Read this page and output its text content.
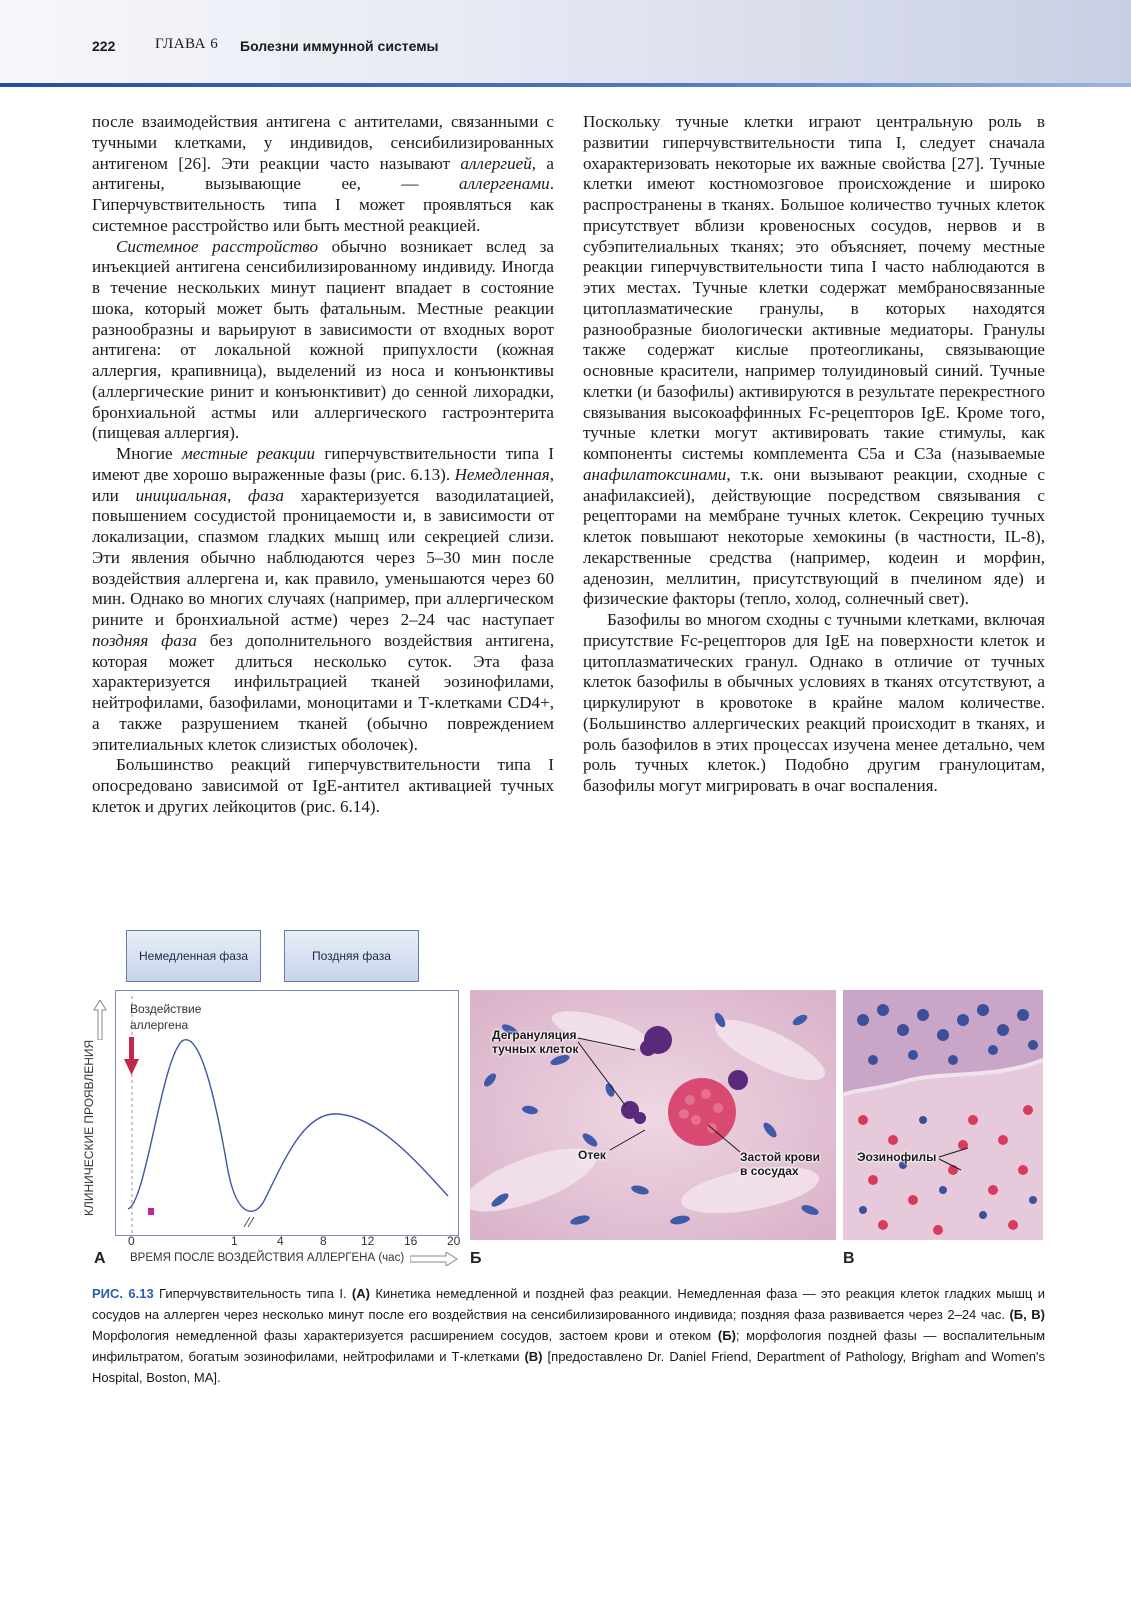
222	ГЛАВА 6 Болезни иммунной системы

после взаимодействия антигена с антителами, связанными с тучными клетками, у индивидов, сенсибилизированных антигеном [26]. Эти реакции часто называют аллергией, а антигены, вызывающие ее, — аллергенами. Гиперчувствительность типа I может проявляться как системное расстройство или быть местной реакцией.

Системное расстройство обычно возникает вслед за инъекцией антигена сенсибилизированному индивиду. Иногда в течение нескольких минут пациент впадает в состояние шока, который может быть фатальным. Местные реакции разнообразны и варьируют в зависимости от входных ворот антигена: от локальной кожной припухлости (кожная аллергия, крапивница), выделений из носа и конъюнктивы (аллергические ринит и конъюнктивит) до сенной лихорадки, бронхиальной астмы или аллергического гастроэнтерита (пищевая аллергия).

Многие местные реакции гиперчувствительности типа I имеют две хорошо выраженные фазы (рис. 6.13). Немедленная, или инициальная, фаза характеризуется вазодилатацией, повышением сосудистой проницаемости и, в зависимости от локализации, спазмом гладких мышц или секрецией слизи. Эти явления обычно наблюдаются через 5–30 мин после воздействия аллергена и, как правило, уменьшаются через 60 мин. Однако во многих случаях (например, при аллергическом рините и бронхиальной астме) через 2–24 час наступает поздняя фаза без дополнительного воздействия антигена, которая может длиться несколько суток. Эта фаза характеризуется инфильтрацией тканей эозинофилами, нейтрофилами, базофилами, моноцитами и Т-клетками CD4+, а также разрушением тканей (обычно повреждением эпителиальных клеток слизистых оболочек).

Большинство реакций гиперчувствительности типа I опосредовано зависимой от IgE-антител активацией тучных клеток и других лейкоцитов (рис. 6.14).

Поскольку тучные клетки играют центральную роль в развитии гиперчувствительности типа I, следует сначала охарактеризовать некоторые их важные свойства [27]. Тучные клетки имеют костномозговое происхождение и широко распространены в тканях. Большое количество тучных клеток присутствует вблизи кровеносных сосудов, нервов и в субэпителиальных тканях; это объясняет, почему местные реакции гиперчувствительности типа I часто наблюдаются в этих местах. Тучные клетки содержат мембраносвязанные цитоплазматические гранулы, в которых находятся разнообразные биологически активные медиаторы. Гранулы также содержат кислые протеогликаны, связывающие основные красители, например толуидиновый синий. Тучные клетки (и базофилы) активируются в результате перекрестного связывания высокоаффинных Fc-рецепторов IgE. Кроме того, тучные клетки могут активировать такие стимулы, как компоненты системы комплемента C5a и C3a (называемые анафилатоксинами, т.к. они вызывают реакции, сходные с анафилаксией), действующие посредством связывания с рецепторами на мембране тучных клеток. Секрецию тучных клеток повышают некоторые хемокины (в частности, IL-8), лекарственные средства (например, кодеин и морфин, аденозин, меллитин, присутствующий в пчелином яде) и физические факторы (тепло, холод, солнечный свет).

Базофилы во многом сходны с тучными клетками, включая присутствие Fc-рецепторов для IgE на поверхности клеток и цитоплазматических гранул. Однако в отличие от тучных клеток базофилы в обычных условиях в тканях отсутствуют, а циркулируют в кровотоке в крайне малом количестве. (Большинство аллергических реакций происходит в тканях, и роль базофилов в этих процессах изучена менее детально, чем роль тучных клеток.) Подобно другим гранулоцитам, базофилы могут мигрировать в очаг воспаления.

Немедленная фаза	Поздняя фаза
КЛИНИЧЕСКИЕ ПРОЯВЛЕНИЯ
Воздействие аллергена
0	1	4	8	12 16 20
А ВРЕМЯ ПОСЛЕ ВОЗДЕЙСТВИЯ АЛЛЕРГЕНА (час)
Дегрануляция
тучных клеток
Отек	Застой крови
в сосудах
Б
Эозинофилы
В
РИС. 6.13 Гиперчувствительность типа I. (А) Кинетика немедленной и поздней фаз реакции. Немедленная фаза — это реакция клеток гладких мышц и сосудов на аллерген через несколько минут после его воздействия на сенсибилизированного индивида; поздняя фаза развивается через 2–24 час. (Б, В) Морфология немедленной фазы характеризуется расширением сосудов, застоем крови и отеком (Б); морфология поздней фазы — воспалительным инфильтратом, богатым эозинофилами, нейтрофилами и Т-клетками (В) [предоставлено Dr. Daniel Friend, Department of Pathology, Brigham and Women's Hospital, Boston, MA].
